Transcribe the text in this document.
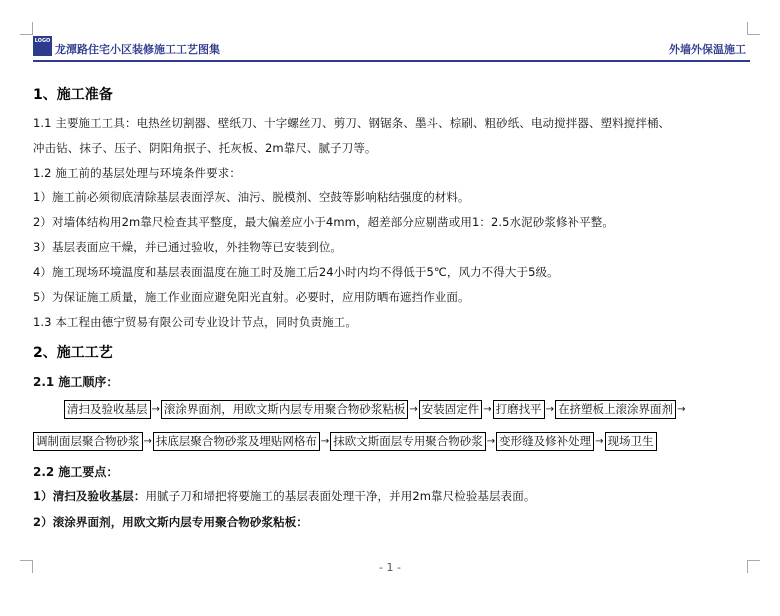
LOGO
龙潭路住宅小区装修施工工艺图集	外墙外保温施工
1、施工准备
1.1 主要施工工具：电热丝切割器、壁纸刀、十字螺丝刀、剪刀、钢锯条、墨斗、棕刷、粗砂纸、电动搅拌器、塑料搅拌桶、
冲击钻、抹子、压子、阴阳角抿子、托灰板、2m靠尺、腻子刀等。
1.2 施工前的基层处理与环境条件要求：
1）施工前必须彻底清除基层表面浮灰、油污、脱模剂、空鼓等影响粘结强度的材料。
2）对墙体结构用2m靠尺检查其平整度，最大偏差应小于4mm，超差部分应剔凿或用1：2.5水泥砂浆修补平整。
3）基层表面应干燥，并已通过验收，外挂物等已安装到位。
4）施工现场环境温度和基层表面温度在施工时及施工后24小时内均不得低于5℃，风力不得大于5级。
5）为保证施工质量，施工作业面应避免阳光直射。必要时，应用防晒布遮挡作业面。
1.3 本工程由德宁贸易有限公司专业设计节点，同时负责施工。
2、施工工艺
2.1 施工顺序：
清扫及验收基层 → 滚涂界面剂，用欧文斯内层专用聚合物砂浆粘板 → 安装固定件 → 打磨找平 → 在挤塑板上滚涂界面剂 →
调制面层聚合物砂浆 → 抹底层聚合物砂浆及埋贴网格布 → 抹欧文斯面层专用聚合物砂浆 → 变形缝及修补处理 → 现场卫生
2.2 施工要点：
1）清扫及验收基层：用腻子刀和埽把将要施工的基层表面处理干净，并用2m靠尺检验基层表面。
2）滚涂界面剂，用欧文斯内层专用聚合物砂浆粘板：
- 1 -
